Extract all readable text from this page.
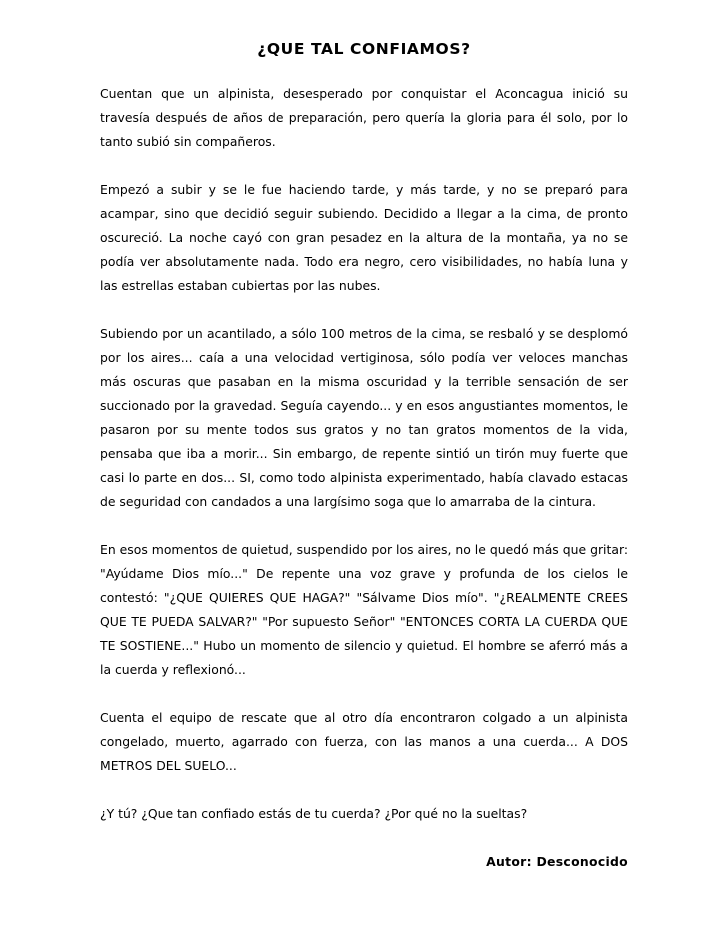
¿QUE TAL CONFIAMOS?

Cuentan que un alpinista, desesperado por conquistar el Aconcagua inició su travesía después de años de preparación, pero quería la gloria para él solo, por lo tanto subió sin compañeros.

Empezó a subir y se le fue haciendo tarde, y más tarde, y no se preparó para acampar, sino que decidió seguir subiendo. Decidido a llegar a la cima, de pronto oscureció. La noche cayó con gran pesadez en la altura de la montaña, ya no se podía ver absolutamente nada. Todo era negro, cero visibilidades, no había luna y las estrellas estaban cubiertas por las nubes.

Subiendo por un acantilado, a sólo 100 metros de la cima, se resbaló y se desplomó por los aires... caía a una velocidad vertiginosa, sólo podía ver veloces manchas más oscuras que pasaban en la misma oscuridad y la terrible sensación de ser succionado por la gravedad. Seguía cayendo... y en esos angustiantes momentos, le pasaron por su mente todos sus gratos y no tan gratos momentos de la vida, pensaba que iba a morir... Sin embargo, de repente sintió un tirón muy fuerte que casi lo parte en dos... SI, como todo alpinista experimentado, había clavado estacas de seguridad con candados a una largísimo soga que lo amarraba de la cintura.

En esos momentos de quietud, suspendido por los aires, no le quedó más que gritar: "Ayúdame Dios mío..." De repente una voz grave y profunda de los cielos le contestó: "¿QUE QUIERES QUE HAGA?" "Sálvame Dios mío". "¿REALMENTE CREES QUE TE PUEDA SALVAR?" "Por supuesto Señor" "ENTONCES CORTA LA CUERDA QUE TE SOSTIENE..." Hubo un momento de silencio y quietud. El hombre se aferró más a la cuerda y reflexionó...

Cuenta el equipo de rescate que al otro día encontraron colgado a un alpinista congelado, muerto, agarrado con fuerza, con las manos a una cuerda... A DOS METROS DEL SUELO...

¿Y tú? ¿Que tan confiado estás de tu cuerda? ¿Por qué no la sueltas?

Autor: Desconocido
